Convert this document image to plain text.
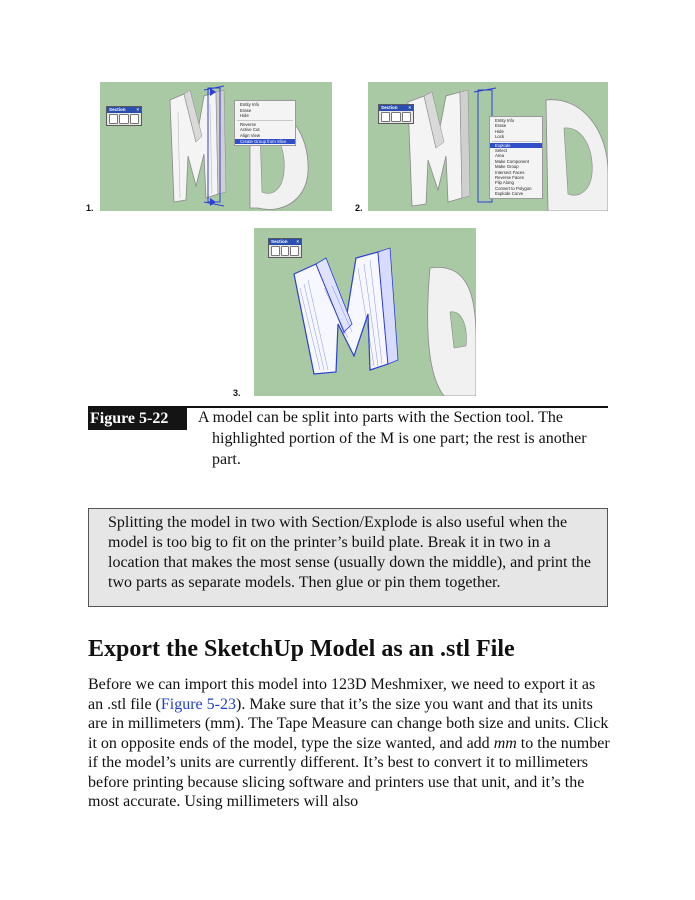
Section ×
Entity Info
Erase
Hide
Reverse
Active Cut
Align View
Create Group from Slice
1.
Section ×
Entity Info
Erase
Hide
Lock
Explode
Select
Area
Make Component
Make Group
Intersect Faces
Reverse Faces
Flip Along
Convert to Polygon
Explode Curve
2.
Section ×
3.
Figure 5-22	A model can be split into parts with the Section tool. The
highlighted portion of the M is one part; the rest is another part.
Splitting the model in two with Section/Explode is also useful when the model is too big to fit on the printer’s build plate. Break it in two in a location that makes the most sense (usually down the middle), and print the two parts as separate models. Then glue or pin them together.
Export the SketchUp Model as an .stl File

Before we can import this model into 123D Meshmixer, we need to export it as an .stl file (Figure 5-23). Make sure that it’s the size you want and that its units are in millimeters (mm). The Tape Measure can change both size and units. Click it on opposite ends of the model, type the size wanted, and add mm to the number if the model’s units are currently different. It’s best to convert it to millimeters before printing because slicing software and printers use that unit, and it’s the most accurate. Using millimeters will also
